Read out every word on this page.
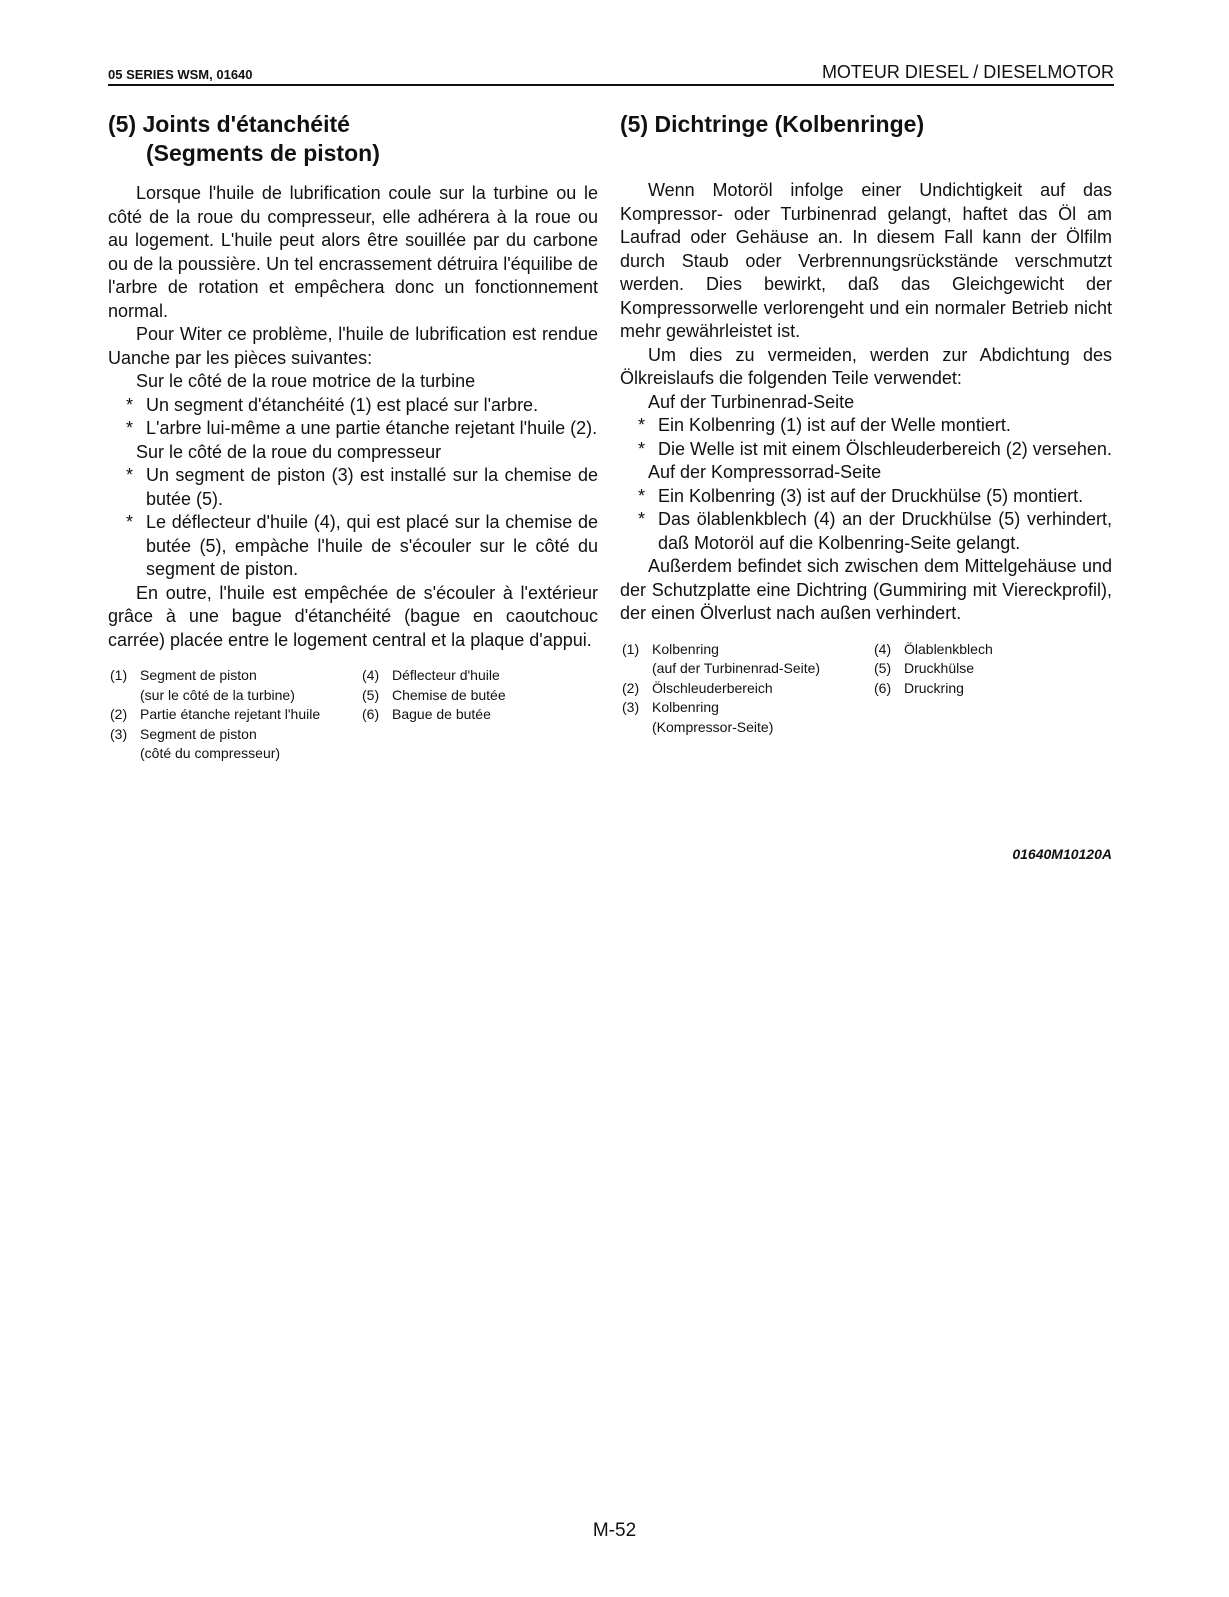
05 SERIES WSM, 01640	MOTEUR DIESEL / DIESELMOTOR
(5) Joints d'étanchéité
(Segments de piston)

Lorsque l'huile de lubrification coule sur la turbine ou le côté de la roue du compresseur, elle adhérera à la roue ou au logement. L'huile peut alors être souillée par du carbone ou de la poussière. Un tel encrassement détruira l'équilibe de l'arbre de rotation et empêchera donc un fonctionnement normal.

Pour Witer ce problème, l'huile de lubrification est rendue Uanche par les pièces suivantes:

Sur le côté de la roue motrice de la turbine
* Un segment d'étanchéité (1) est placé sur l'arbre.
* L'arbre lui-même a une partie étanche rejetant l'huile (2).
Sur le côté de la roue du compresseur
* Un segment de piston (3) est installé sur la chemise de butée (5).
* Le déflecteur d'huile (4), qui est placé sur la chemise de butée (5), empàche l'huile de s'écouler sur le côté du segment de piston.

En outre, l'huile est empêchée de s'écouler à l'extérieur grâce à une bague d'étanchéité (bague en caoutchouc carrée) placée entre le logement central et la plaque d'appui.

(1) Segment de piston
(sur le côté de la turbine)
(2) Partie étanche rejetant l'huile
(3) Segment de piston
(côté du compresseur)
(4) Déflecteur d'huile
(5) Chemise de butée
(6) Bague de butée
(5) Dichtringe (Kolbenringe)

Wenn Motoröl infolge einer Undichtigkeit auf das Kompressor- oder Turbinenrad gelangt, haftet das Öl am Laufrad oder Gehäuse an. In diesem Fall kann der Ölfilm durch Staub oder Verbrennungsrückstände verschmutzt werden. Dies bewirkt, daß das Gleichgewicht der Kompressorwelle verlorengeht und ein normaler Betrieb nicht mehr gewährleistet ist.

Um dies zu vermeiden, werden zur Abdichtung des Ölkreislaufs die folgenden Teile verwendet:

Auf der Turbinenrad-Seite
* Ein Kolbenring (1) ist auf der Welle montiert.
* Die Welle ist mit einem Ölschleuderbereich (2) versehen.
Auf der Kompressorrad-Seite
* Ein Kolbenring (3) ist auf der Druckhülse (5) montiert.
* Das ölablenkblech (4) an der Druckhülse (5) verhindert, daß Motoröl auf die Kolbenring-Seite gelangt.

Außerdem befindet sich zwischen dem Mittelgehäuse und der Schutzplatte eine Dichtring (Gummiring mit Viereckprofil), der einen Ölverlust nach außen verhindert.

(1) Kolbenring
(auf der Turbinenrad-Seite)
(2) Ölschleuderbereich
(3) Kolbenring
(Kompressor-Seite)
(4) Ölablenkblech
(5) Druckhülse
(6) Druckring
01640M10120A
M-52
